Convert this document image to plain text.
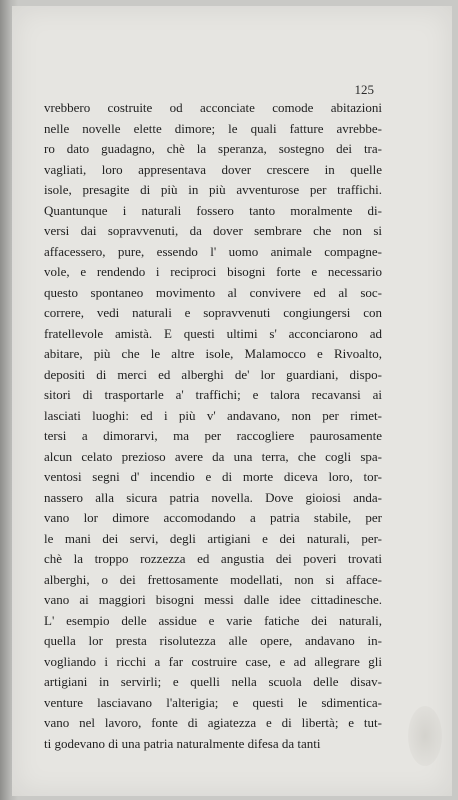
125
vrebbero costruite od acconciate comode abitazioni
nelle novelle elette dimore; le quali fatture avrebbe-
ro dato guadagno, chè la speranza, sostegno dei tra-
vagliati, loro appresentava dover crescere in quelle
isole, presagite di più in più avventurose per traffichi.
Quantunque i naturali fossero tanto moralmente di-
versi dai sopravvenuti, da dover sembrare che non si
affacessero, pure, essendo l' uomo animale compagne-
vole, e rendendo i reciproci bisogni forte e necessario
questo spontaneo movimento al convivere ed al soc-
correre, vedi naturali e sopravvenuti congiungersi con
fratellevole amistà. E questi ultimi s' acconciarono ad
abitare, più che le altre isole, Malamocco e Rivoalto,
depositi di merci ed alberghi de' lor guardiani, dispo-
sitori di trasportarle a' traffichi; e talora recavansi ai
lasciati luoghi: ed i più v' andavano, non per rimet-
tersi a dimorarvi, ma per raccogliere paurosamente
alcun celato prezioso avere da una terra, che cogli spa-
ventosi segni d' incendio e di morte diceva loro, tor-
nassero alla sicura patria novella. Dove gioiosi anda-
vano lor dimore accomodando a patria stabile, per
le mani dei servi, degli artigiani e dei naturali, per-
chè la troppo rozzezza ed angustia dei poveri trovati
alberghi, o dei frettosamente modellati, non si afface-
vano ai maggiori bisogni messi dalle idee cittadinesche.
L' esempio delle assidue e varie fatiche dei naturali,
quella lor presta risolutezza alle opere, andavano in-
vogliando i ricchi a far costruire case, e ad allegrare gli
artigiani in servirli; e quelli nella scuola delle disav-
venture lasciavano l'alterigia; e questi le sdimentica-
vano nel lavoro, fonte di agiatezza e di libertà; e tut-
ti godevano di una patria naturalmente difesa da tanti
